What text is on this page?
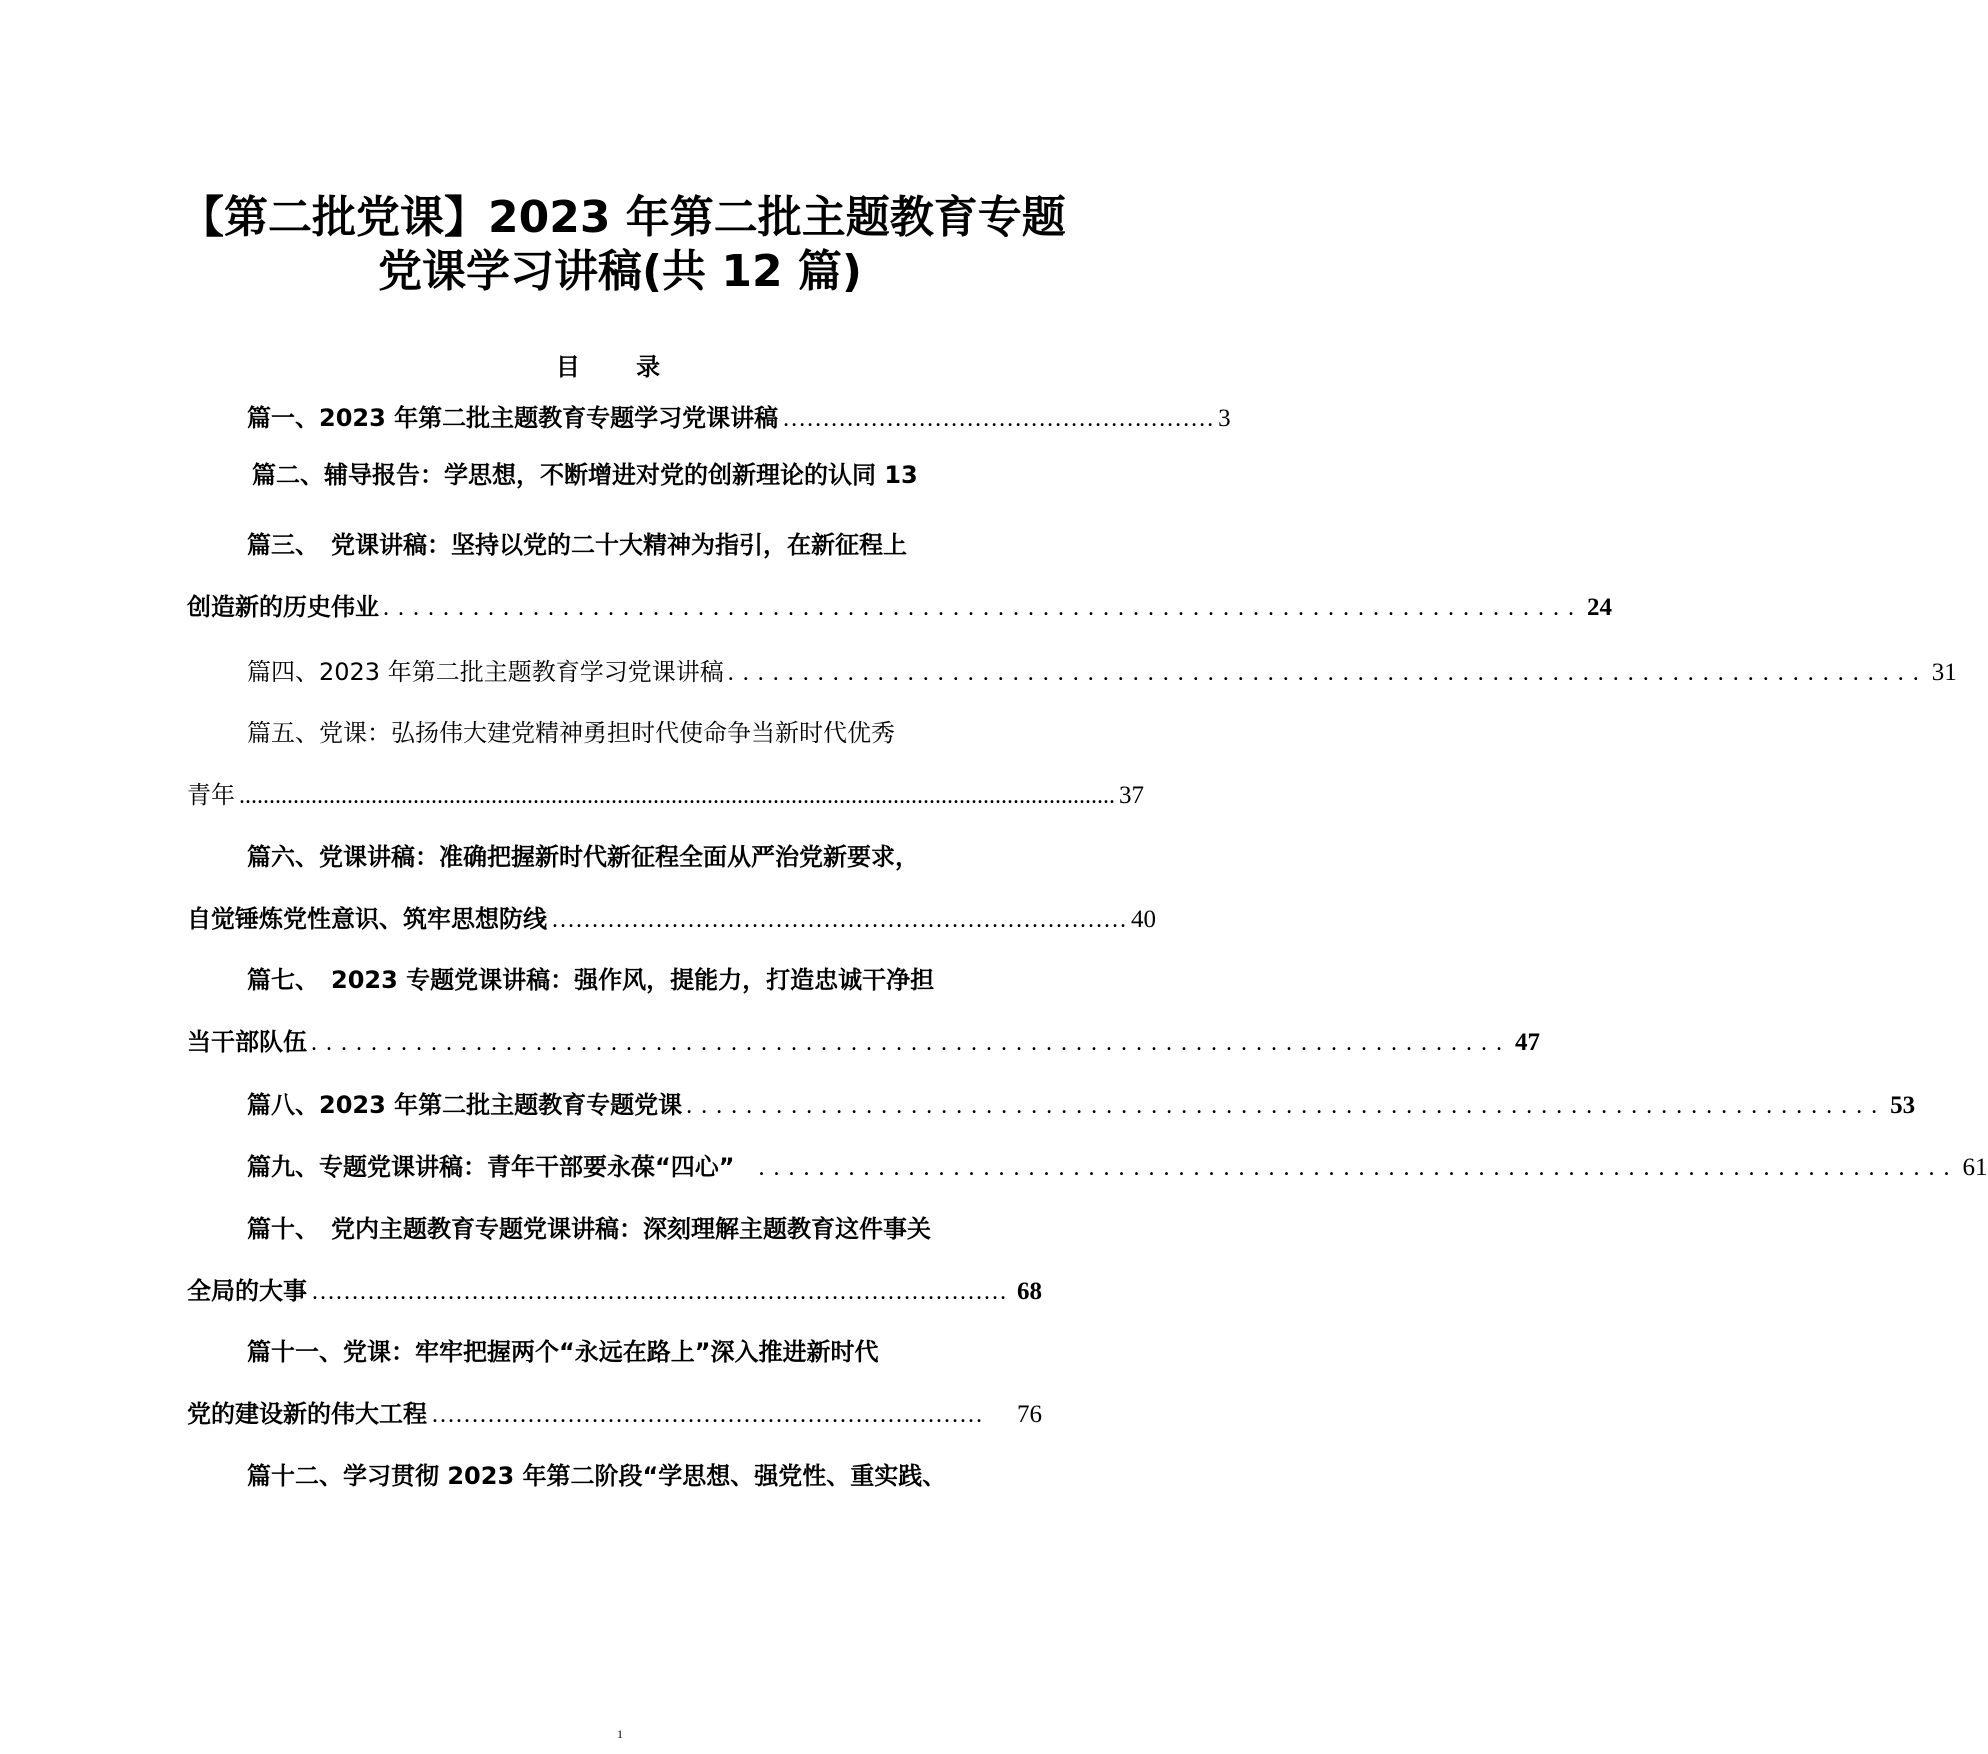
【第二批党课】2023 年第二批主题教育专题
党课学习讲稿(共 12 篇)
目 录
篇一、2023 年第二批主题教育专题学习党课讲稿 ……………………………………………… 3
篇二、辅导报告：学思想，不断增进对党的创新理论的认同 13
篇三、　党课讲稿：坚持以党的二十大精神为指引，在新征程上
创造新的历史伟业 ................................................................................ 24
篇四、2023 年第二批主题教育学习党课讲稿 ................................................................................ 31
篇五、党课：弘扬伟大建党精神勇担时代使命争当新时代优秀
青年 .................................................................................................................................................. 37
篇六、党课讲稿：准确把握新时代新征程全面从严治党新要求，
自觉锤炼党性意识、筑牢思想防线 ……………………………………………………………… 40
篇七、　2023 专题党课讲稿：强作风，提能力，打造忠诚干净担
当干部队伍 ................................................................................ 47
篇八、2023 年第二批主题教育专题党课 ................................................................................ 53
篇九、专题党课讲稿：青年干部要永葆“四心” ................................................................................ 61
篇十、　党内主题教育专题党课讲稿：深刻理解主题教育这件事关
全局的大事 …………………………………………………………………………… 68
篇十一、党课：牢牢把握两个“永远在路上”深入推进新时代
党的建设新的伟大工程 ……………………………………………………………	76
篇十二、学习贯彻 2023 年第二阶段“学思想、强党性、重实践、
1
